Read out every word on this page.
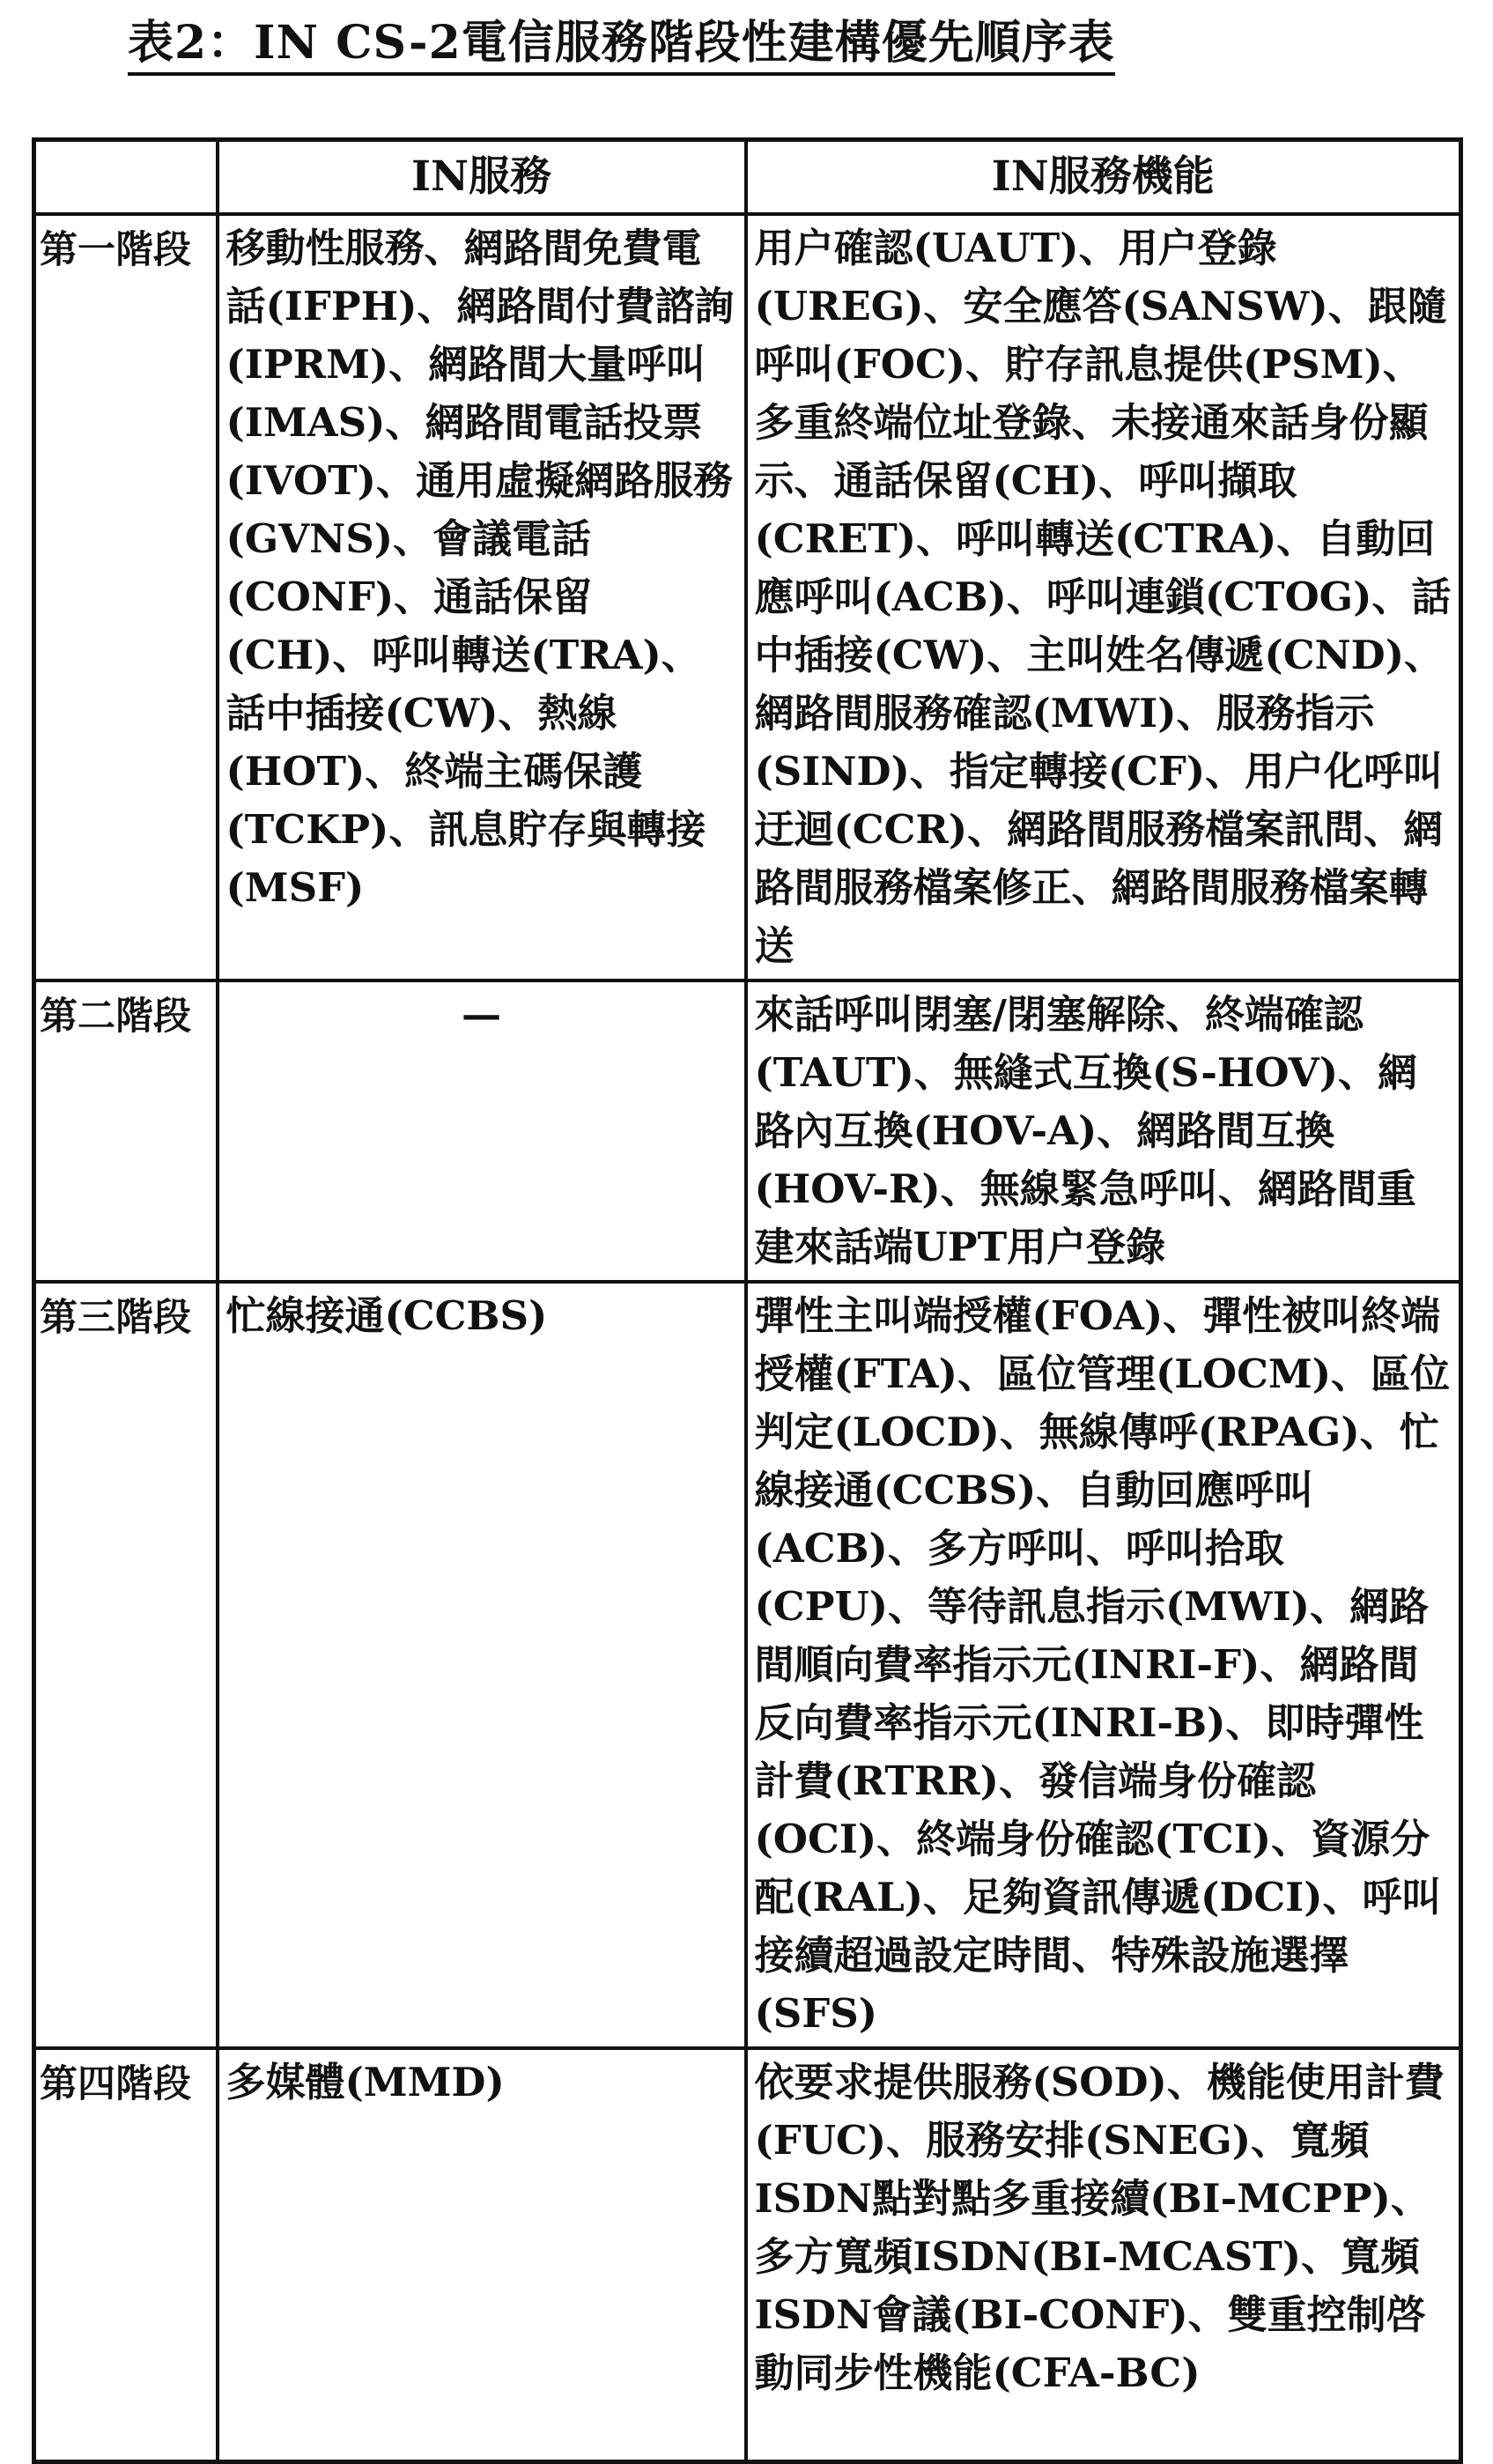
表2：IN CS-2電信服務階段性建構優先順序表
	IN服務	IN服務機能
第一階段	移動性服務、網路間免費電話(IFPH)、網路間付費諮詢(IPRM)、網路間大量呼叫(IMAS)、網路間電話投票(IVOT)、通用虛擬網路服務(GVNS)、會議電話(CONF)、通話保留(CH)、呼叫轉送(TRA)、話中插接(CW)、熱線(HOT)、終端主碼保護(TCKP)、訊息貯存與轉接(MSF)	用户確認(UAUT)、用户登錄(UREG)、安全應答(SANSW)、跟隨呼叫(FOC)、貯存訊息提供(PSM)、多重終端位址登錄、未接通來話身份顯示、通話保留(CH)、呼叫擷取(CRET)、呼叫轉送(CTRA)、自動回應呼叫(ACB)、呼叫連鎖(CTOG)、話中插接(CW)、主叫姓名傳遞(CND)、網路間服務確認(MWI)、服務指示(SIND)、指定轉接(CF)、用户化呼叫迂迴(CCR)、網路間服務檔案訊問、網路間服務檔案修正、網路間服務檔案轉送
第二階段	—	來話呼叫閉塞/閉塞解除、終端確認(TAUT)、無縫式互換(S-HOV)、網路內互換(HOV-A)、網路間互換(HOV-R)、無線緊急呼叫、網路間重建來話端UPT用户登錄
第三階段	忙線接通(CCBS)	彈性主叫端授權(FOA)、彈性被叫終端授權(FTA)、區位管理(LOCM)、區位判定(LOCD)、無線傳呼(RPAG)、忙線接通(CCBS)、自動回應呼叫(ACB)、多方呼叫、呼叫拾取(CPU)、等待訊息指示(MWI)、網路間順向費率指示元(INRI-F)、網路間反向費率指示元(INRI-B)、即時彈性計費(RTRR)、發信端身份確認(OCI)、終端身份確認(TCI)、資源分配(RAL)、足夠資訊傳遞(DCI)、呼叫接續超過設定時間、特殊設施選擇(SFS)
第四階段	多媒體(MMD)	依要求提供服務(SOD)、機能使用計費(FUC)、服務安排(SNEG)、寬頻ISDN點對點多重接續(BI-MCPP)、多方寬頻ISDN(BI-MCAST)、寬頻ISDN會議(BI-CONF)、雙重控制啓動同步性機能(CFA-BC)
